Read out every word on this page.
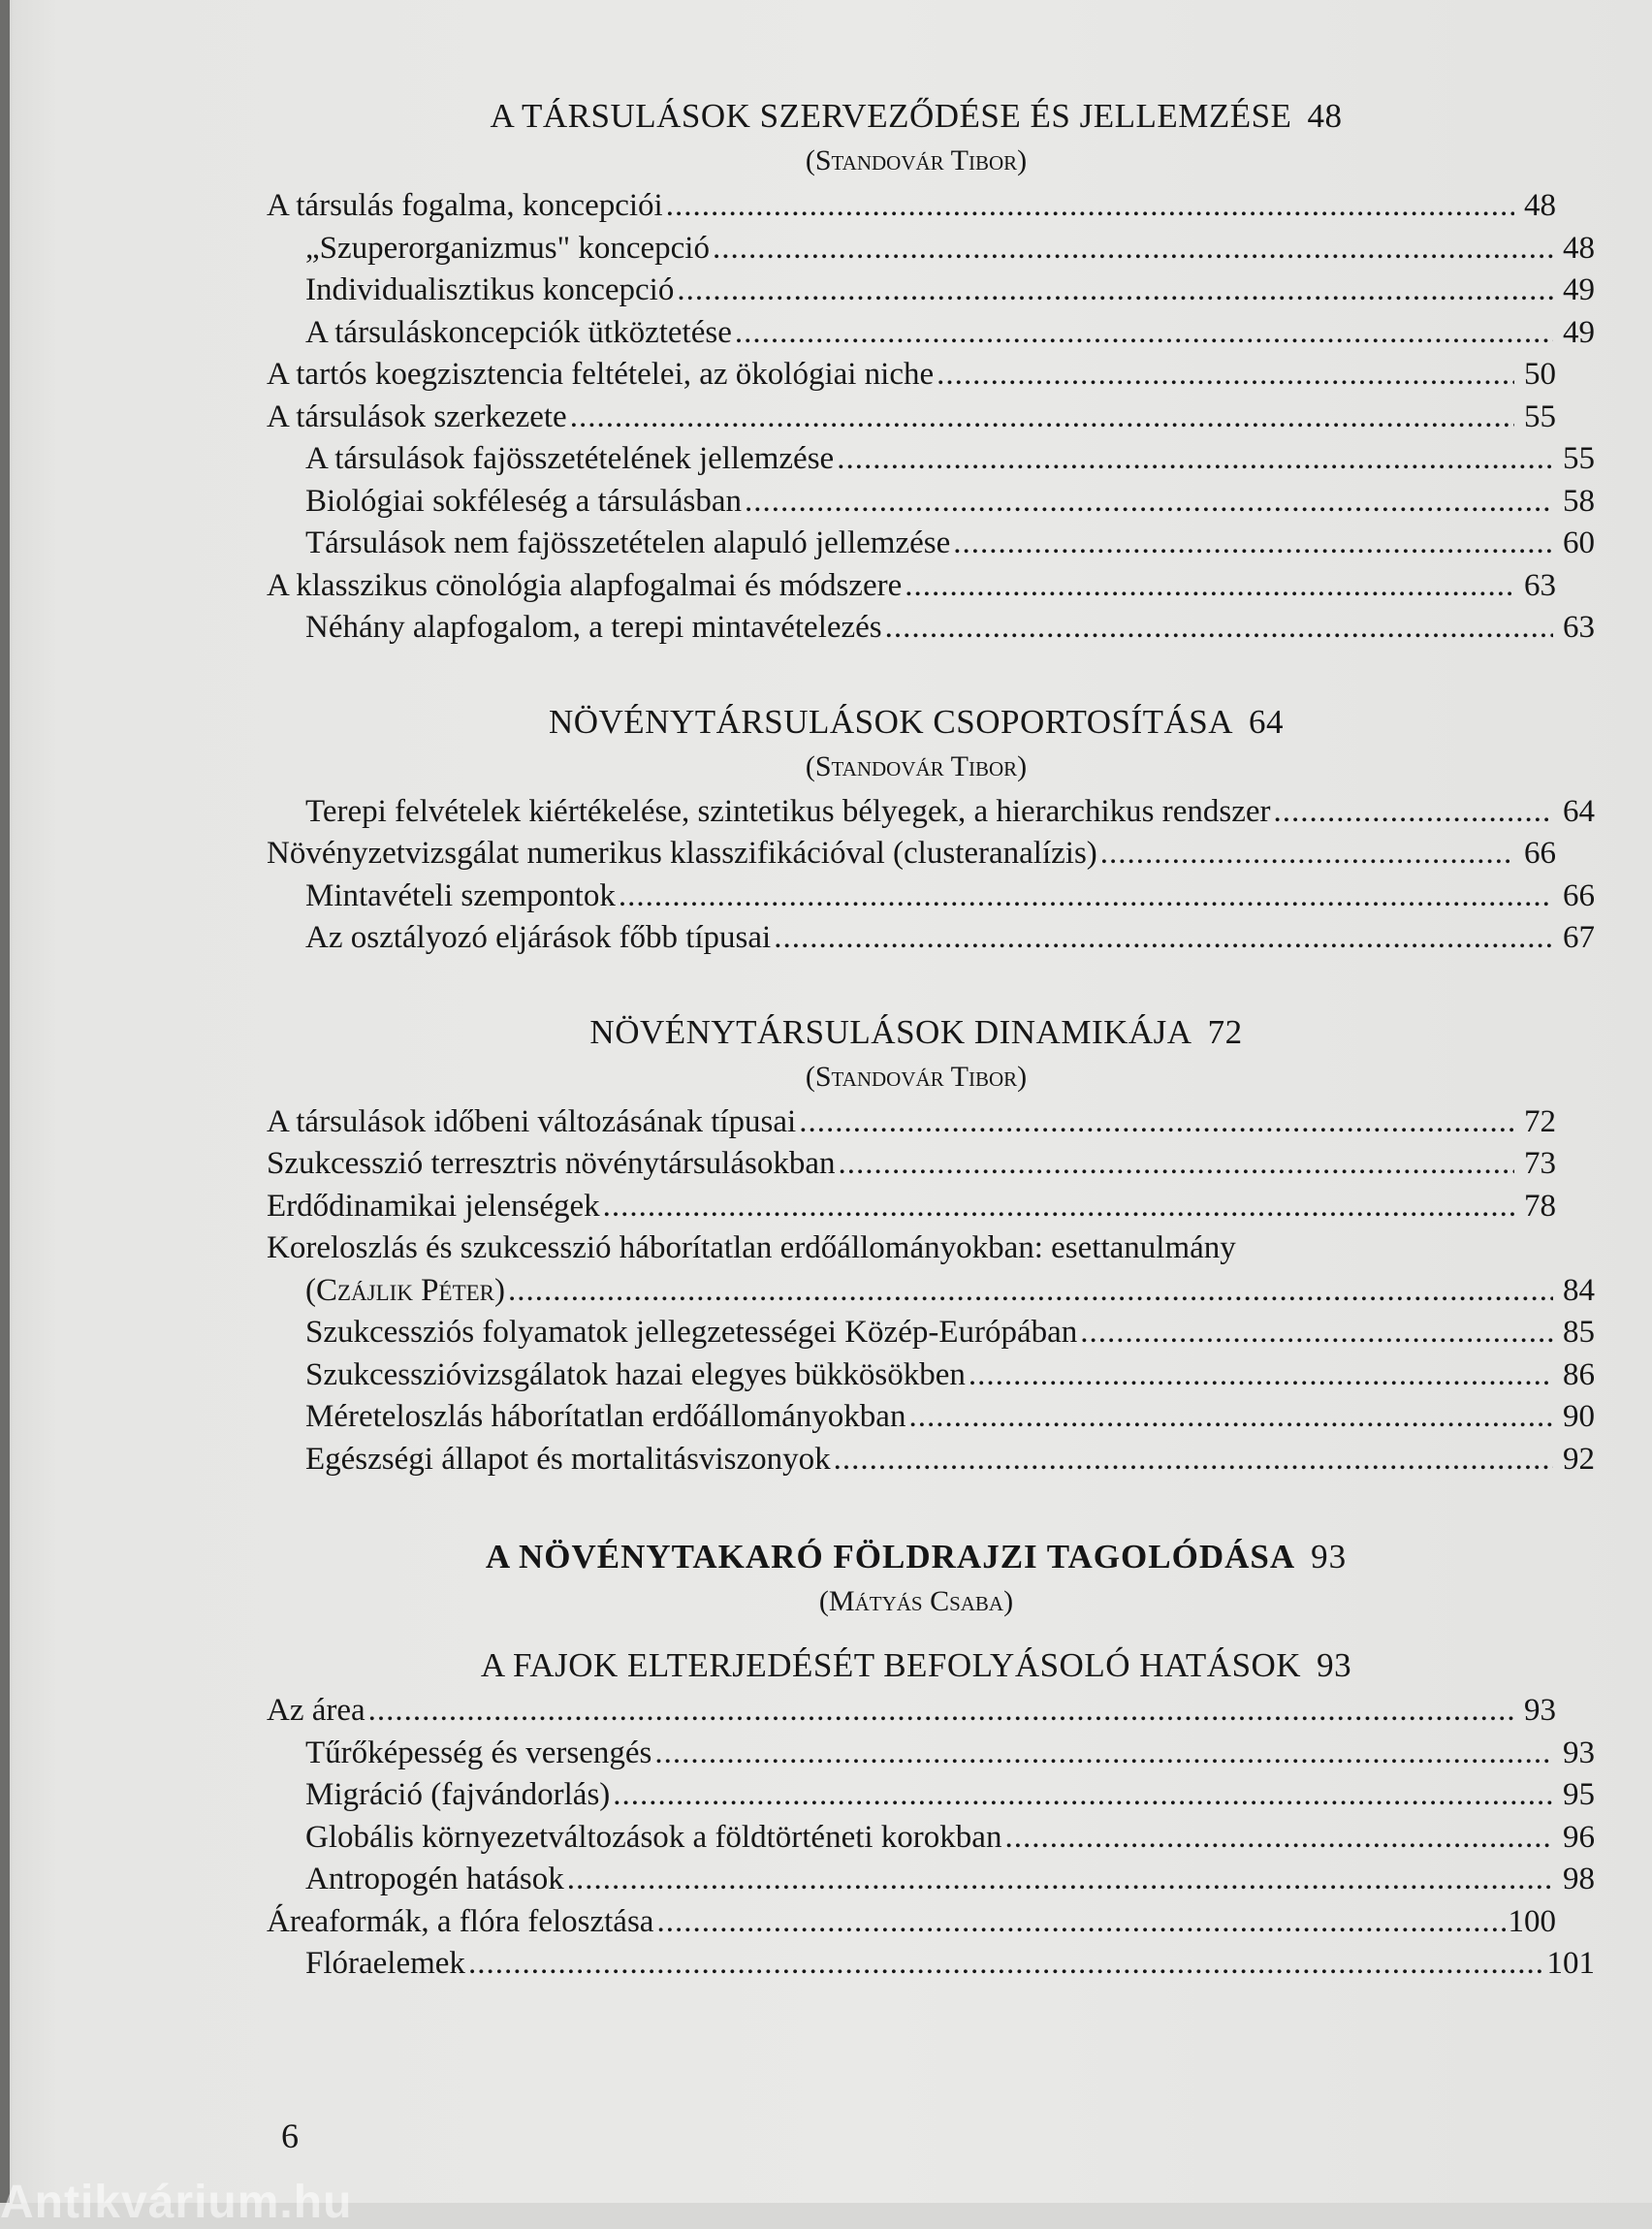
A TÁRSULÁSOK SZERVEZŐDÉSE ÉS JELLEMZÉSE 48
(Standovár Tibor)
A társulás fogalma, koncepciói .....	48
„Szuperorganizmus" koncepció .....	48
Individualisztikus koncepció .....	49
A társuláskoncepciók ütköztetése .....	49
A tartós koegzisztencia feltételei, az ökológiai niche .....	50
A társulások szerkezete .....	55
A társulások fajösszetételének jellemzése .....	55
Biológiai sokféleség a társulásban .....	58
Társulások nem fajösszetételen alapuló jellemzése .....	60
A klasszikus cönológia alapfogalmai és módszere .....	63
Néhány alapfogalom, a terepi mintavételezés .....	63
NÖVÉNYTÁRSULÁSOK CSOPORTOSÍTÁSA 64
(Standovár Tibor)
Terepi felvételek kiértékelése, szintetikus bélyegek, a hierarchikus rendszer .....	64
Növényzetvizsgálat numerikus klasszifikációval (clusteranalízis) .....	66
Mintavételi szempontok .....	66
Az osztályozó eljárások főbb típusai .....	67
NÖVÉNYTÁRSULÁSOK DINAMIKÁJA 72
(Standovár Tibor)
A társulások időbeni változásának típusai .....	72
Szukcesszió terresztris növénytársulásokban .....	73
Erdődinamikai jelenségek .....	78
Koreloszlás és szukcesszió háborítatlan erdőállományokban: esettanulmány
(Czájlik Péter) .....	84
Szukcessziós folyamatok jellegzetességei Közép-Európában .....	85
Szukcesszióvizsgálatok hazai elegyes bükkösökben .....	86
Méreteloszlás háborítatlan erdőállományokban .....	90
Egészségi állapot és mortalitásviszonyok .....	92
A NÖVÉNYTAKARÓ FÖLDRAJZI TAGOLÓDÁSA 93
(Mátyás Csaba)
A FAJOK ELTERJEDÉSÉT BEFOLYÁSOLÓ HATÁSOK 93
Az área .....	93
Tűrőképesség és versengés .....	93
Migráció (fajvándorlás) .....	95
Globális környezetváltozások a földtörténeti korokban .....	96
Antropogén hatások .....	98
Áreaformák, a flóra felosztása .....	100
Flóraelemek .....	101
6
Antikvárium.hu
